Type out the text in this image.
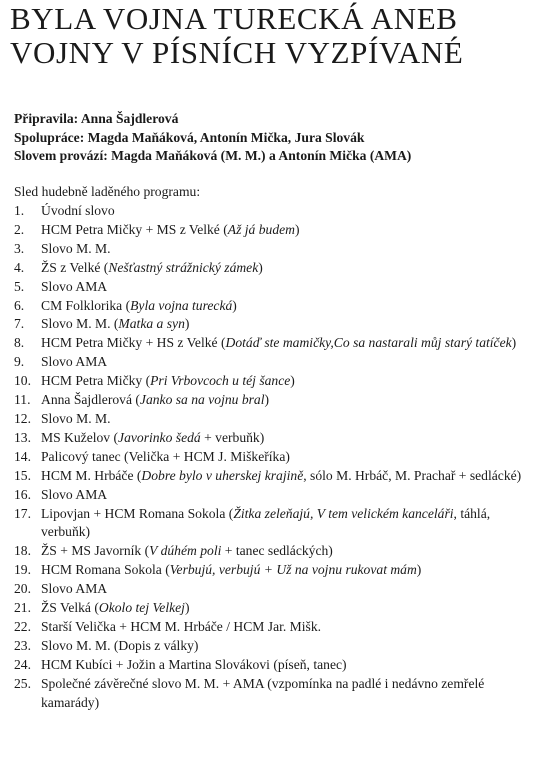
BYLA VOJNA TURECKÁ ANEB
VOJNY V PÍSNÍCH VYZPÍVANÉ
Připravila: Anna Šajdlerová
Spolupráce: Magda Maňáková, Antonín Mička, Jura Slovák
Slovem provází: Magda Maňáková (M. M.) a Antonín Mička (AMA)
Sled hudebně laděného programu:
1.	Úvodní slovo
2.	HCM Petra Mičky + MS z Velké (Až já budem)
3.	Slovo M. M.
4.	ŽS z Velké (Nešťastný strážnický zámek)
5.	Slovo AMA
6.	CM Folklorika (Byla vojna turecká)
7.	Slovo M. M. (Matka a syn)
8.	HCM Petra Mičky + HS z Velké (Dotáď ste mamičky,Co sa nastarali můj starý tatíček)
9.	Slovo AMA
10. HCM Petra Mičky (Pri Vrbovcoch u téj šance)
11. Anna Šajdlerová (Janko sa na vojnu bral)
12. Slovo M. M.
13. MS Kuželov (Javorinko šedá + verbuňk)
14. Palicový tanec (Velička + HCM J. Miškeříka)
15. HCM M. Hrbáče (Dobre bylo v uherskej krajině, sólo M. Hrbáč, M. Prachař + sedlácké)
16. Slovo AMA
17. Lipovjan + HCM Romana Sokola (Žitka zeleňajú, V tem velickém kanceláři, táhlá, verbuňk)
18. ŽS + MS Javorník (V dúhém poli + tanec sedláckých)
19. HCM Romana Sokola (Verbujú, verbujú + Už na vojnu rukovat mám)
20. Slovo AMA
21. ŽS Velká (Okolo tej Velkej)
22. Starší Velička + HCM M. Hrbáče / HCM Jar. Mišk.
23. Slovo M. M. (Dopis z války)
24. HCM Kubíci + Jožin a Martina Slovákovi (píseň, tanec)
25. Společné závěrečné slovo M. M. + AMA (vzpomínka na padlé i nedávno zemřelé kamarády)
